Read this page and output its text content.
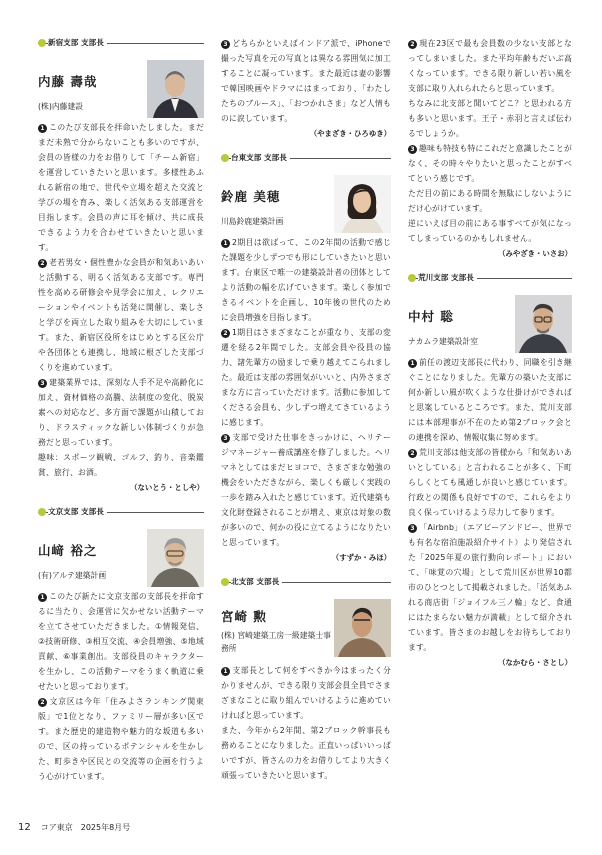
新宿支部 支部長
内藤 壽哉
(株)内藤建設

1 このたび支部長を拝命いたしました。まだまだ未熟で分からないことも多いのですが、会員の皆様の力をお借りして「チーム新宿」を運営していきたいと思います。多様性あふれる新宿の地で、世代や立場を超えた交流と学びの場を育み、楽しく活気ある支部運営を目指します。会員の声に耳を傾け、共に成長できるよう力を合わせていきたいと思います。

2 老若男女・個性豊かな会員が和気あいあいと活動する、明るく活気ある支部です。専門性を高める研修会や見学会に加え、レクリエーションやイベントも活発に開催し、楽しさと学びを両立した取り組みを大切にしています。また、新宿区役所をはじめとする区公庁や各団体とも連携し、地域に根ざした支部づくりを進めています。

3 建築業界では、深刻な人手不足や高齢化に加え、資材価格の高騰、法制度の変化、脱炭素への対応など、多方面で課題が山積しており、ドラスティックな新しい体制づくりが急務だと思っています。

趣味：スポーツ観戦、ゴルフ、釣り、音楽鑑賞、旅行、お酒。

（ないとう・としや）
文京支部 支部長
山﨑 裕之
(有)アルテ建築計画

1 このたび新たに文京支部の支部長を拝命するに当たり、会運営に欠かせない活動テーマを立てさせていただきました。①情報発信、②技術研修、③相互交流、④会員増強、⑤地域貢献、⑥事業創出。支部役員のキャラクターを生かし、この活動テーマをうまく軌道に乗せたいと思っております。

2 文京区は今年「住みよさランキング関東版」で1位となり、ファミリー層が多い区です。また歴史的建造物や魅力的な坂道も多いので、区の持っているポテンシャルを生かした、町歩きや区民との交流等の企画を行うよう心がけています。

3 どちらかといえばインドア派で、iPhoneで撮った写真を元の写真とは異なる雰囲気に加工することに凝っています。また最近は妻の影響で韓国映画やドラマにはまっており、「わたしたちのブルース」、「おつかれさま」など人情ものに涙しています。

（やまざき・ひろゆき）
台東支部 支部長
鈴鹿 美穂
川島鈴鹿建築計画

1 2期目は欲ばって、この2年間の活動で感じた課題を少しずつでも形にしていきたいと思います。台東区で唯一の建築設計者の団体としてより活動の幅を広げていきます。楽しく参加できるイベントを企画し、10年後の世代のために会員増強を目指します。

2 1期目はさまざまなことが重なり、支部の変遷を経る2年間でした。支部会員や役員の協力、諸先輩方の励ましで乗り越えてこられました。最近は支部の雰囲気がいいと、内外さまざまな方に言っていただけます。活動に参加してくださる会員も、少しずつ増えてきているように感じます。

3 支部で受けた仕事をきっかけに、ヘリテージマネージャー養成講座を修了しました。ヘリマネとしてはまだヒヨコで、さまざまな勉強の機会をいただきながら、楽しくも厳しく実践の一歩を踏み入れたと感じています。近代建築も文化財登録されることが増え、東京は対象の数が多いので、何かの役に立てるようになりたいと思っています。

（すずか・みほ）
北支部 支部長
宮崎 勲
(株) 宮崎建築工房一級建築士事務所

1 支部長として何をすべきか今はまったく分かりませんが、できる限り支部会員全員でさまざまなことに取り組んでいけるように進めていければと思っています。

また、今年から2年間、第2ブロック幹事長も務めることになりました。正直いっぱいいっぱいですが、皆さんの力をお借りしてより大きく頑張っていきたいと思います。

2 現在23区で最も会員数の少ない支部となってしまいました。また平均年齢もだいぶ高くなっています。できる限り新しい若い風を支部に取り入れられたらと思っています。

ちなみに北支部と聞いてどこ？と思われる方も多いと思います。王子・赤羽と言えば伝わるでしょうか。

3 趣味も特技も特にこれだと意識したことがなく、その時々やりたいと思ったことがすべてという感じです。

ただ目の前にある時間を無駄にしないようにだけ心がけています。

逆にいえば目の前にある事すべてが気になってしまっているのかもしれません。

（みやざき・いさお）
荒川支部 支部長
中村 聡
ナカムラ建築設計室

1 前任の渡辺支部長に代わり、同職を引き継ぐことになりました。先輩方の築いた支部に何か新しい風が吹くような仕掛けができればと思案しているところです。また、荒川支部には本部理事が不在のため第2ブロック会との連携を深め、情報収集に努めます。

2 荒川支部は他支部の皆様から「和気あいあいとしている」と言われることが多く、下町らしくとても風通しが良いと感じています。行政との関係も良好ですので、これらをより良く保っていけるよう尽力して参ります。

3 「Airbnb」（エアビーアンドビー、世界でも有名な宿泊施設紹介サイト）より発信された「2025年夏の旅行動向レポート」において、「味覚の穴場」として荒川区が世界10都市のひとつとして掲載されました。「活気あふれる商店街「ジョイフル三ノ輪」など、食通にはたまらない魅力が満載」として紹介されています。皆さまのお越しをお待ちしております。

（なかむら・さとし）
12 コア東京　2025年8月号
